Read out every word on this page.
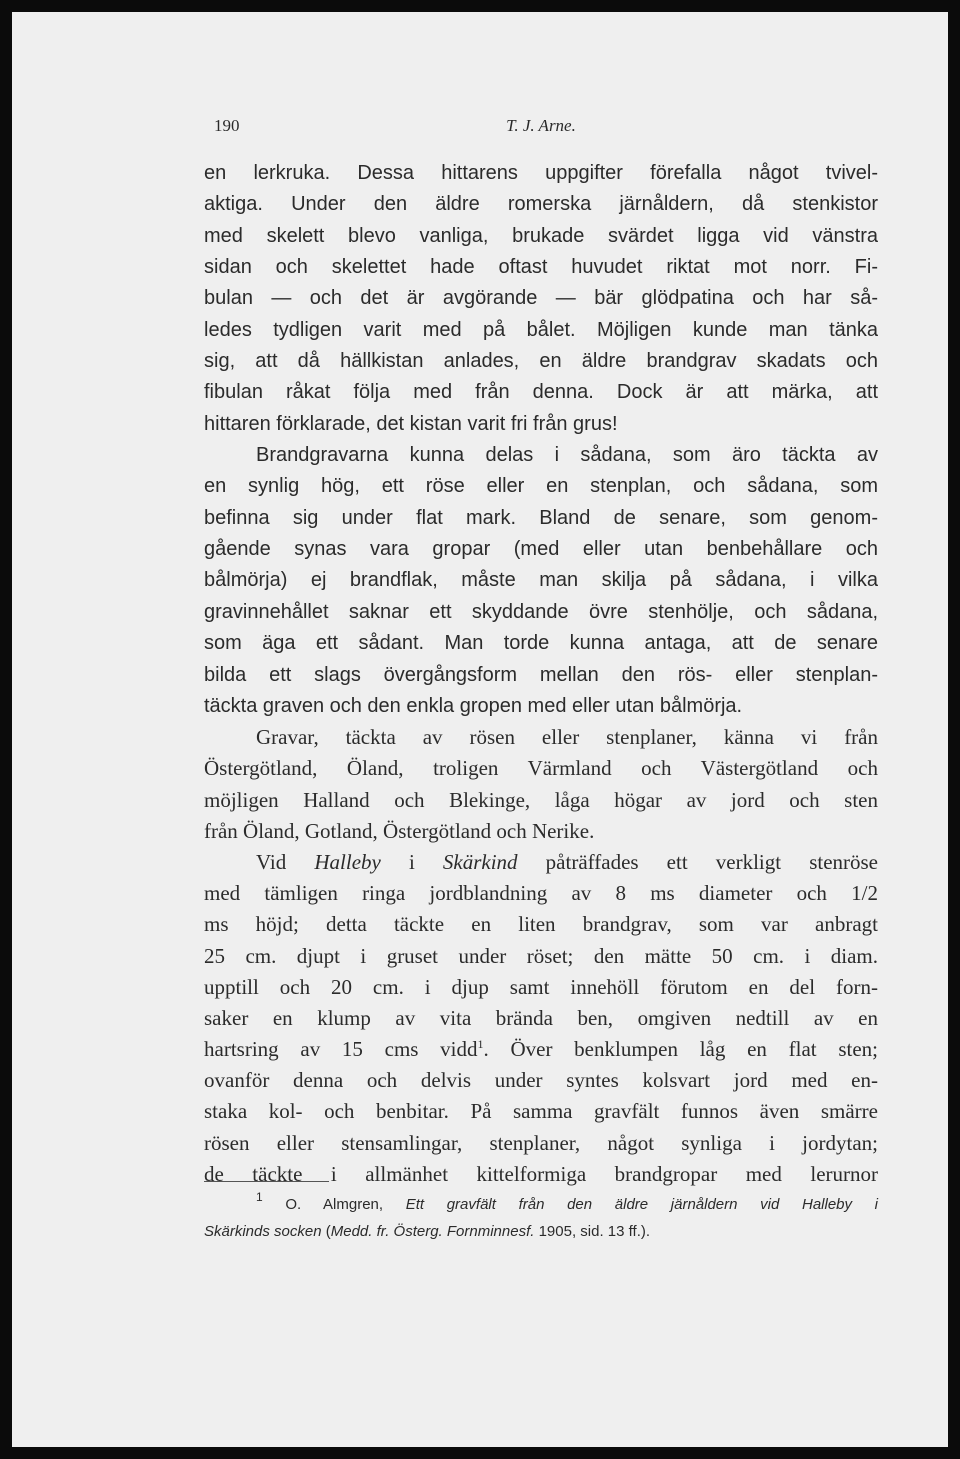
190	T. J. Arne.
en lerkruka. Dessa hittarens uppgifter förefalla något tvivel-
aktiga. Under den äldre romerska järnåldern, då stenkistor
med skelett blevo vanliga, brukade svärdet ligga vid vänstra
sidan och skelettet hade oftast huvudet riktat mot norr. Fi-
bulan — och det är avgörande — bär glödpatina och har så-
ledes tydligen varit med på bålet. Möjligen kunde man tänka
sig, att då hällkistan anlades, en äldre brandgrav skadats och
fibulan råkat följa med från denna. Dock är att märka, att
hittaren förklarade, det kistan varit fri från grus!
Brandgravarna kunna delas i sådana, som äro täckta av
en synlig hög, ett röse eller en stenplan, och sådana, som
befinna sig under flat mark. Bland de senare, som genom-
gående synas vara gropar (med eller utan benbehållare och
bålmörja) ej brandflak, måste man skilja på sådana, i vilka
gravinnehållet saknar ett skyddande övre stenhölje, och sådana,
som äga ett sådant. Man torde kunna antaga, att de senare
bilda ett slags övergångsform mellan den rös- eller stenplan-
täckta graven och den enkla gropen med eller utan bålmörja.
Gravar, täckta av rösen eller stenplaner, känna vi från
Östergötland, Öland, troligen Värmland och Västergötland och
möjligen Halland och Blekinge, låga högar av jord och sten
från Öland, Gotland, Östergötland och Nerike.
Vid Halleby i Skärkind påträffades ett verkligt stenröse
med tämligen ringa jordblandning av 8 ms diameter och 1/2
ms höjd; detta täckte en liten brandgrav, som var anbragt
25 cm. djupt i gruset under röset; den mätte 50 cm. i diam.
upptill och 20 cm. i djup samt innehöll förutom en del forn-
saker en klump av vita brända ben, omgiven nedtill av en
hartsring av 15 cms vidd$^1$. Över benklumpen låg en flat sten;
ovanför denna och delvis under syntes kolsvart jord med en-
staka kol- och benbitar. På samma gravfält funnos även smärre
rösen eller stensamlingar, stenplaner, något synliga i jordytan;
de täckte i allmänhet kittelformiga brandgropar med lerurnor
$^1$ O. Almgren, Ett gravfält från den äldre järnåldern vid Halleby i
Skärkinds socken (Medd. fr. Österg. Fornminnesf. 1905, sid. 13 ff.).
